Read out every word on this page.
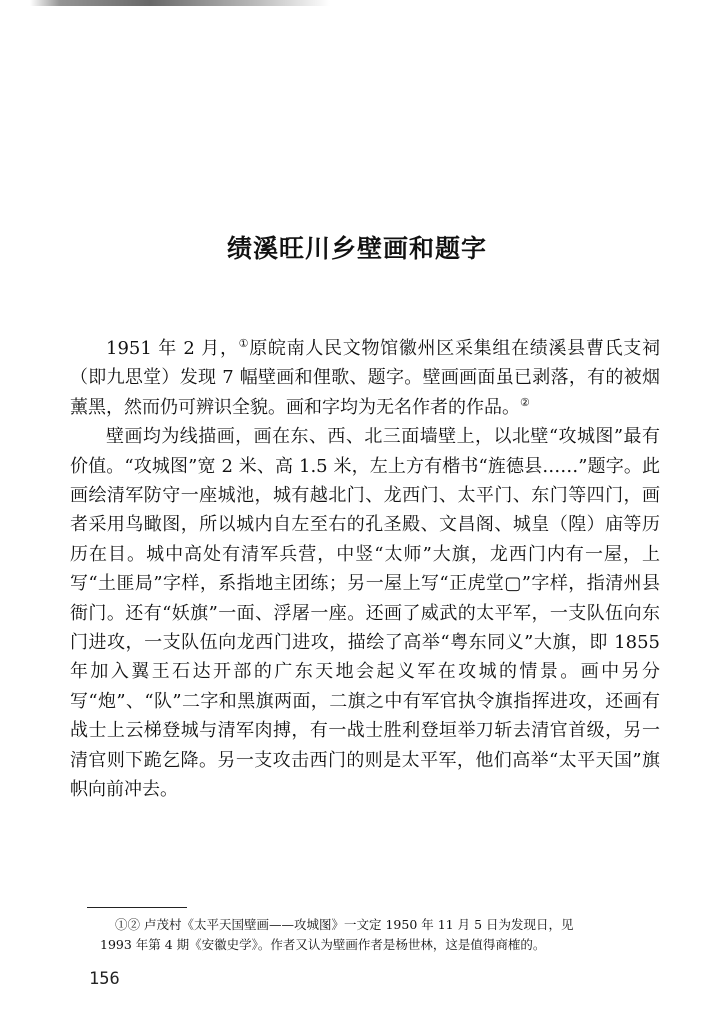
绩溪旺川乡壁画和题字

1951 年 2 月，①原皖南人民文物馆徽州区采集组在绩溪县曹氏支祠（即九思堂）发现 7 幅壁画和俚歌、题字。壁画画面虽已剥落，有的被烟薰黑，然而仍可辨识全貌。画和字均为无名作者的作品。②

壁画均为线描画，画在东、西、北三面墙壁上，以北壁“攻城图”最有价值。“攻城图”宽 2 米、高 1.5 米，左上方有楷书“旌德县……”题字。此画绘清军防守一座城池，城有越北门、龙西门、太平门、东门等四门，画者采用鸟瞰图，所以城内自左至右的孔圣殿、文昌阁、城皇（隍）庙等历历在目。城中高处有清军兵营，中竖“太师”大旗，龙西门内有一屋，上写“土匪局”字样，系指地主团练；另一屋上写“正虎堂▢”字样，指清州县衙门。还有“妖旗”一面、浮屠一座。还画了威武的太平军，一支队伍向东门进攻，一支队伍向龙西门进攻，描绘了高举“粤东同义”大旗，即 1855 年加入翼王石达开部的广东天地会起义军在攻城的情景。画中另分写“炮”、“队”二字和黑旗两面，二旗之中有军官执令旗指挥进攻，还画有战士上云梯登城与清军肉搏，有一战士胜利登垣举刀斩去清官首级，另一清官则下跪乞降。另一支攻击西门的则是太平军，他们高举“太平天国”旗帜向前冲去。

①② 卢茂村《太平天国壁画——攻城图》一文定 1950 年 11 月 5 日为发现日，见
1993 年第 4 期《安徽史学》。作者又认为壁画作者是杨世林，这是值得商榷的。
156
